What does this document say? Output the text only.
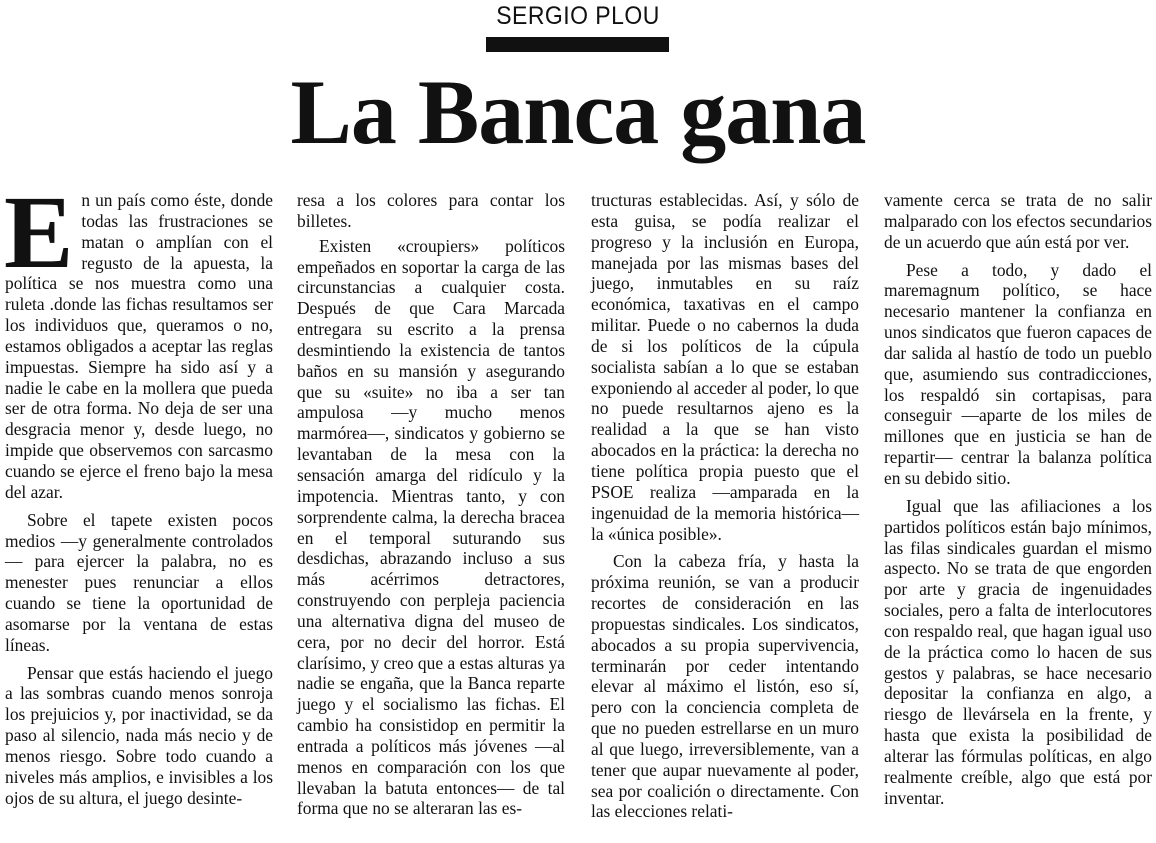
SERGIO PLOU
La Banca gana

En un país como éste, donde todas las frustraciones se matan o amplían con el regusto de la apuesta, la política se nos muestra como una ruleta .donde las fichas resultamos ser los individuos que, queramos o no, estamos obligados a aceptar las reglas impuestas. Siempre ha sido así y a nadie le cabe en la mollera que pueda ser de otra forma. No deja de ser una desgracia menor y, desde luego, no impide que observemos con sarcasmo cuando se ejerce el freno bajo la mesa del azar.

Sobre el tapete existen pocos medios —y generalmente controlados— para ejercer la palabra, no es menester pues renunciar a ellos cuando se tiene la oportunidad de asomarse por la ventana de estas líneas.

Pensar que estás haciendo el juego a las sombras cuando menos sonroja los prejuicios y, por inactividad, se da paso al silencio, nada más necio y de menos riesgo. Sobre todo cuando a niveles más amplios, e invisibles a los ojos de su altura, el juego desinte-

resa a los colores para contar los billetes.

Existen «croupiers» políticos empeñados en soportar la carga de las circunstancias a cualquier costa. Después de que Cara Marcada entregara su escrito a la prensa desmintiendo la existencia de tantos baños en su mansión y asegurando que su «suite» no iba a ser tan ampulosa —y mucho menos marmórea—, sindicatos y gobierno se levantaban de la mesa con la sensación amarga del ridículo y la impotencia. Mientras tanto, y con sorprendente calma, la derecha bracea en el temporal suturando sus desdichas, abrazando incluso a sus más acérrimos detractores, construyendo con perpleja paciencia una alternativa digna del museo de cera, por no decir del horror. Está clarísimo, y creo que a estas alturas ya nadie se engaña, que la Banca reparte juego y el socialismo las fichas. El cambio ha consistidop en permitir la entrada a políticos más jóvenes —al menos en comparación con los que llevaban la batuta entonces— de tal forma que no se alteraran las es-

tructuras establecidas. Así, y sólo de esta guisa, se podía realizar el progreso y la inclusión en Europa, manejada por las mismas bases del juego, inmutables en su raíz económica, taxativas en el campo militar. Puede o no cabernos la duda de si los políticos de la cúpula socialista sabían a lo que se estaban exponiendo al acceder al poder, lo que no puede resultarnos ajeno es la realidad a la que se han visto abocados en la práctica: la derecha no tiene política propia puesto que el PSOE realiza —amparada en la ingenuidad de la memoria histórica— la «única posible».

Con la cabeza fría, y hasta la próxima reunión, se van a producir recortes de consideración en las propuestas sindicales. Los sindicatos, abocados a su propia supervivencia, terminarán por ceder intentando elevar al máximo el listón, eso sí, pero con la conciencia completa de que no pueden estrellarse en un muro al que luego, irreversiblemente, van a tener que aupar nuevamente al poder, sea por coalición o directamente. Con las elecciones relati-

vamente cerca se trata de no salir malparado con los efectos secundarios de un acuerdo que aún está por ver.

Pese a todo, y dado el maremagnum político, se hace necesario mantener la confianza en unos sindicatos que fueron capaces de dar salida al hastío de todo un pueblo que, asumiendo sus contradicciones, los respaldó sin cortapisas, para conseguir —aparte de los miles de millones que en justicia se han de repartir— centrar la balanza política en su debido sitio.

Igual que las afiliaciones a los partidos políticos están bajo mínimos, las filas sindicales guardan el mismo aspecto. No se trata de que engorden por arte y gracia de ingenuidades sociales, pero a falta de interlocutores con respaldo real, que hagan igual uso de la práctica como lo hacen de sus gestos y palabras, se hace necesario depositar la confianza en algo, a riesgo de llevársela en la frente, y hasta que exista la posibilidad de alterar las fórmulas políticas, en algo realmente creíble, algo que está por inventar.
